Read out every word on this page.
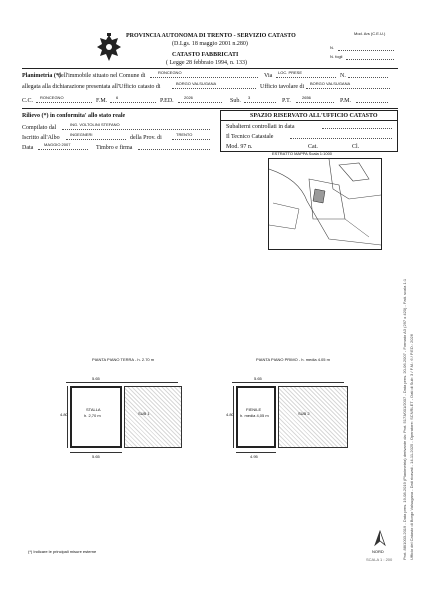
PROVINCIA AUTONOMA DI TRENTO - SERVIZIO CATASTO
(D.Lgs. 18 maggio 2001 n.280)
CATASTO FABBRICATI
( Legge 28 febbraio 1994, n. 133)
Mod. Ars (C.E.U.)
N.
N. fogli
Planimetria (*)
dell'immobile situato nel Comune di
RONCEGNO
Via
LOC. PRESE
N.
allegata alla dichiarazione presentata all'Ufficio catasto di
BORGO VALSUGANA
Ufficio tavolare di
BORGO VALSUGANA
C.C.
RONCEGNO
F.M.
6
P.ED.
2026
Sub.
3
P.T.
2656
P.M.
Rilievo (*) in conformita' allo stato reale
Compilato dal
ING. VOLTOLINI STEFANO
Iscritto all'Albo
INGEGNERI
della Prov. di
TRENTO
Data
MAGGIO 2007
Timbro e firma
SPAZIO RISERVATO ALL'UFFICIO CATASTO
Subalterni controllati in data
Il Tecnico Catastale
Mod. 97 n.	Cat.	Cl.
ESTRATTO MAPPA Scala 1:1000
PIANTA PIANO TERRA - h. 2.70 m
5.65
4.80
STALLA
h. 2,70 m	SUB 1
5.65
PIANTA PIANO PRIMO - h. media 4.05 m
5.65
4.80
FIENILE
h. media 4,05 m	SUB 2
4.95
(*) Indicare le principali misure esterne	NORD
SCALA 1 : 200 Prot. 88/1003-2019 - Data pres. 19-08-2019 (Planimetria) derivante da: Prot. 5173/001/2007 - Data pres. 20-06-2007 - Formato A3 (297 x 420) - Fatt. scala 1:1 Ufficio del Catasto di Borgo Valsugana - Dati ricavati - 14-11-2025 - Operatore: SCNRLET - Dati di Sub: 3 / F.M.: 6 / P.ED.: 2026
